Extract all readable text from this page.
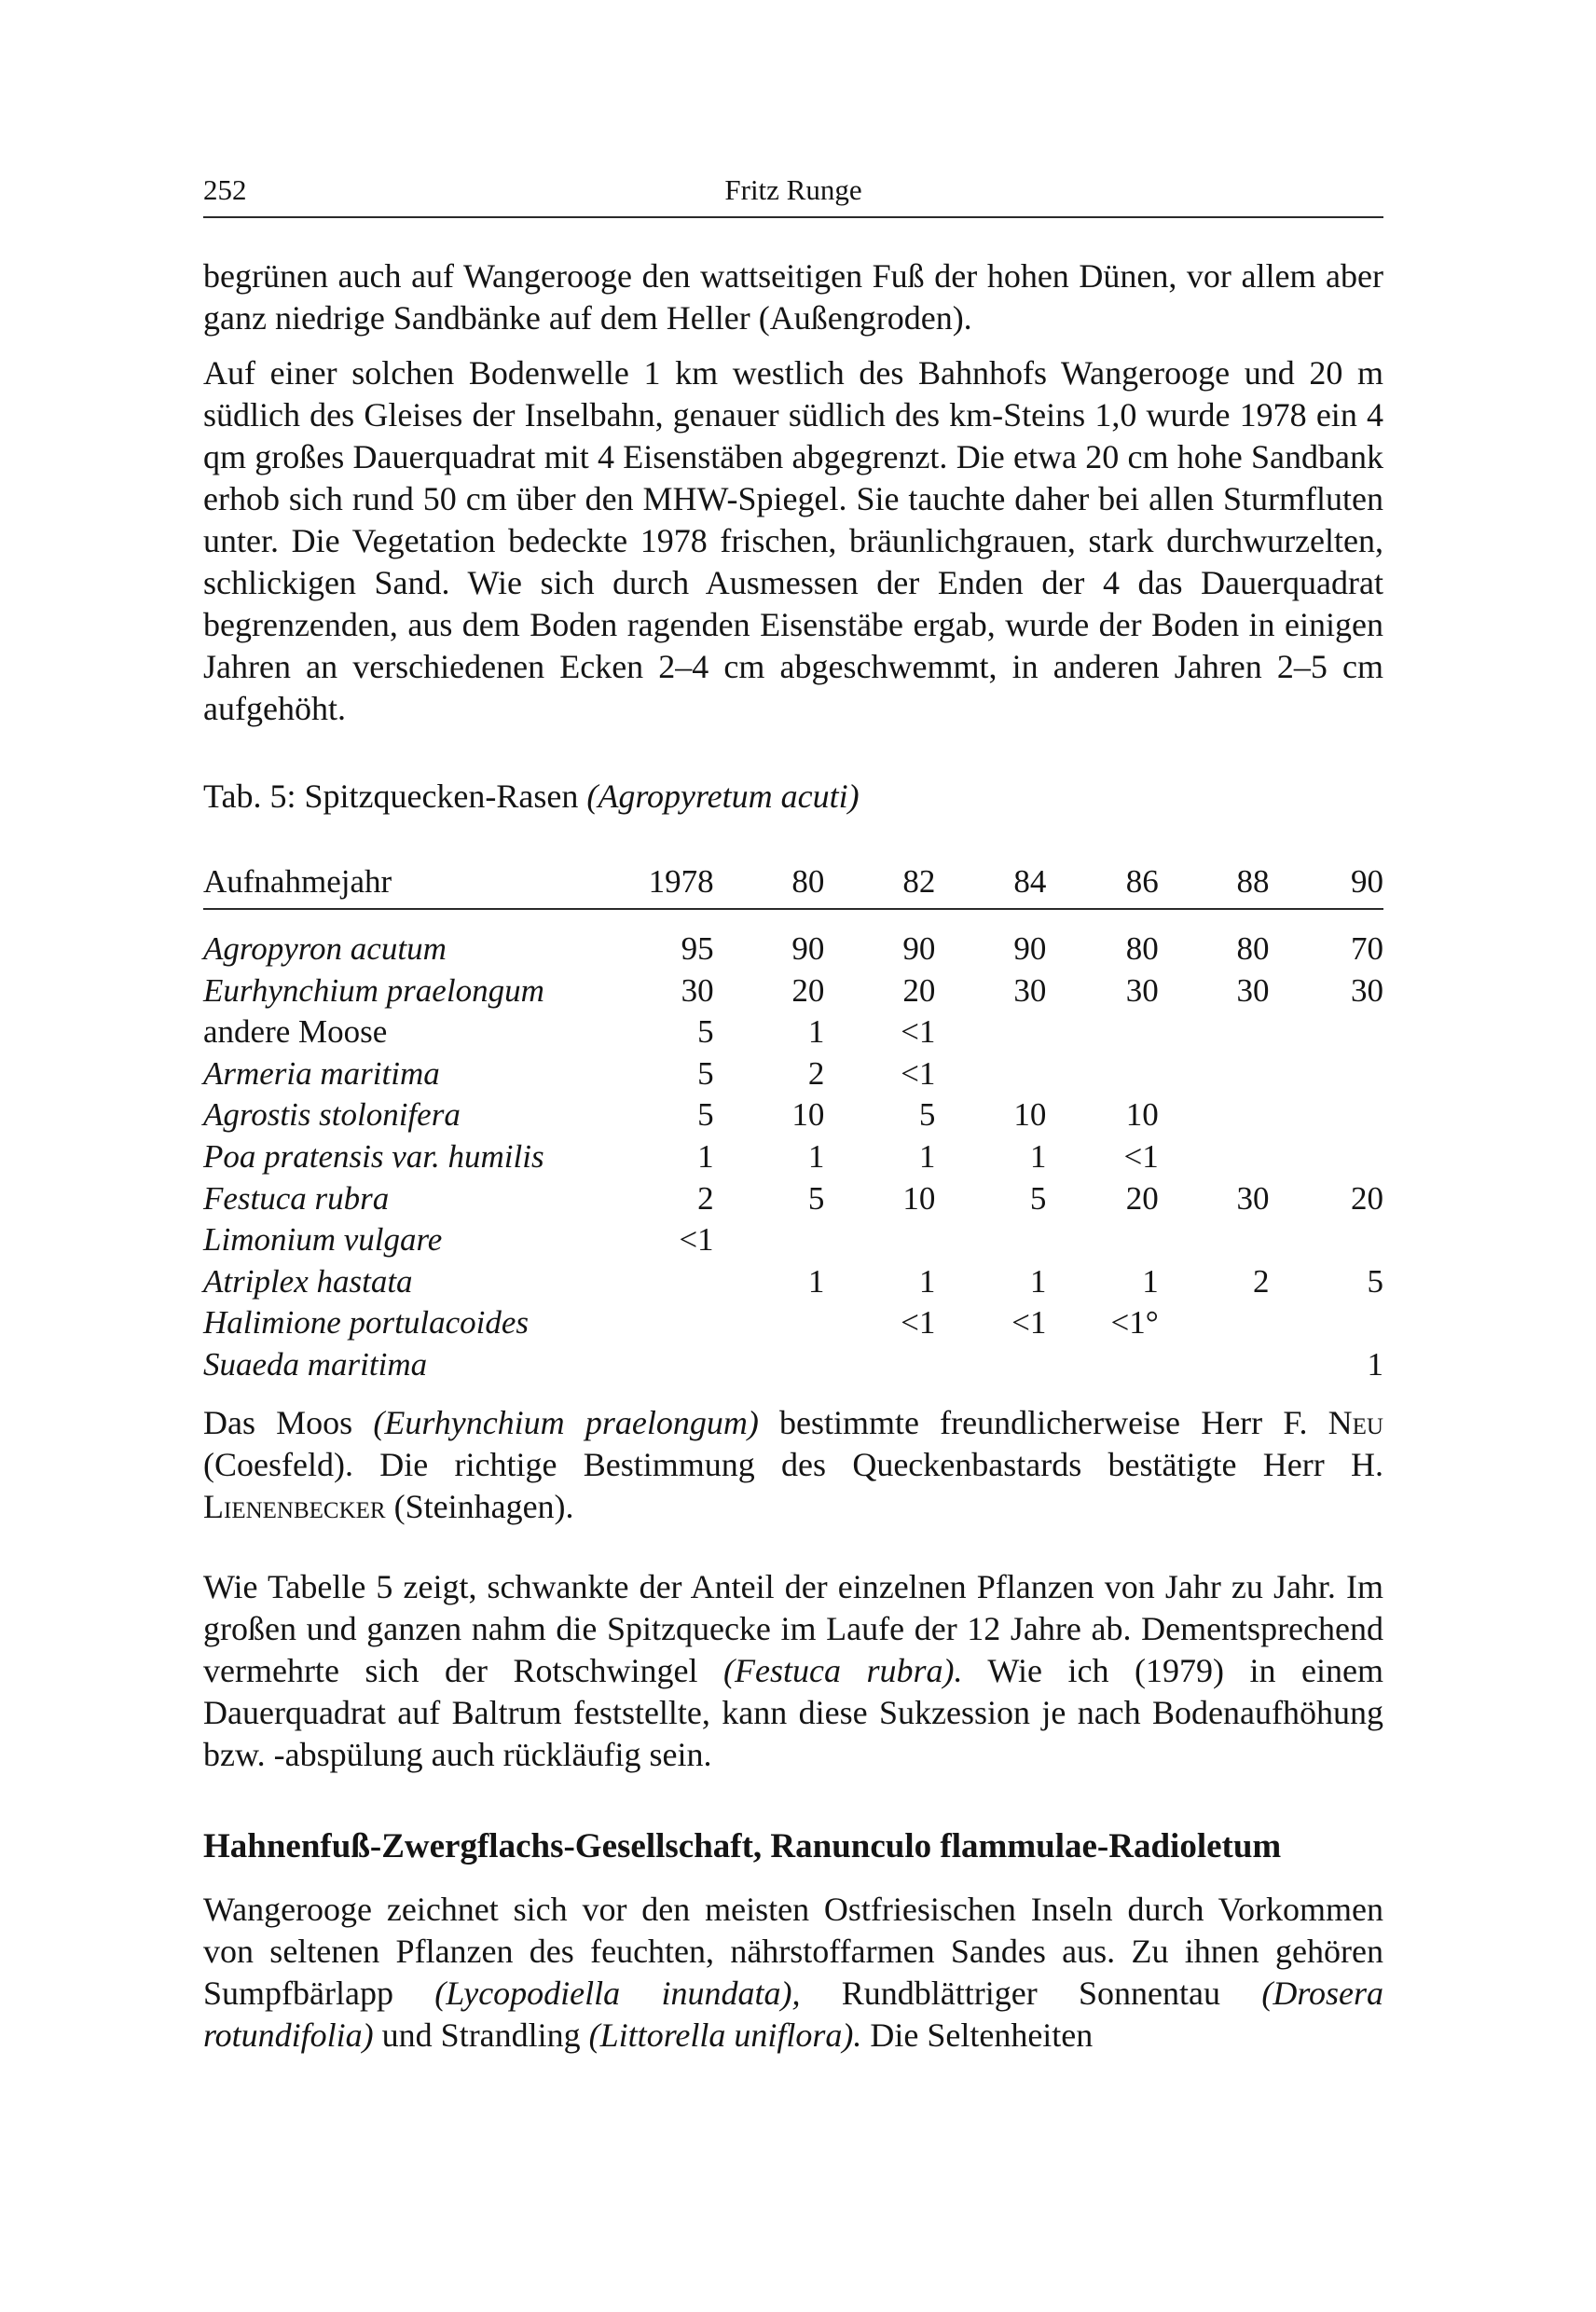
252	Fritz Runge

begrünen auch auf Wangerooge den wattseitigen Fuß der hohen Dünen, vor allem aber ganz niedrige Sandbänke auf dem Heller (Außengroden).

Auf einer solchen Bodenwelle 1 km westlich des Bahnhofs Wangerooge und 20 m südlich des Gleises der Inselbahn, genauer südlich des km-Steins 1,0 wurde 1978 ein 4 qm großes Dauerquadrat mit 4 Eisenstäben abgegrenzt. Die etwa 20 cm hohe Sandbank erhob sich rund 50 cm über den MHW-Spiegel. Sie tauchte daher bei allen Sturmfluten unter. Die Vegetation bedeckte 1978 frischen, bräunlichgrauen, stark durchwurzelten, schlickigen Sand. Wie sich durch Ausmessen der Enden der 4 das Dauerquadrat begrenzenden, aus dem Boden ragenden Eisenstäbe ergab, wurde der Boden in einigen Jahren an verschiedenen Ecken 2–4 cm abgeschwemmt, in anderen Jahren 2–5 cm aufgehöht.

Tab. 5: Spitzquecken-Rasen (Agropyretum acuti)
Aufnahmejahr	1978	80	82	84	86	88	90
Agropyron acutum	95	90	90	90	80	80	70
Eurhynchium praelongum	30	20	20	30	30	30	30
andere Moose	5	1	<1				
Armeria maritima	5	2	<1				
Agrostis stolonifera	5	10	5	10	10		
Poa pratensis var. humilis	1	1	1	1	<1		
Festuca rubra	2	5	10	5	20	30	20
Limonium vulgare	<1						
Atriplex hastata		1	1	1	1	2	5
Halimione portulacoides			<1	<1	<1°		
Suaeda maritima							1

Das Moos (Eurhynchium praelongum) bestimmte freundlicherweise Herr F. Neu (Coesfeld). Die richtige Bestimmung des Queckenbastards bestätigte Herr H. Lienenbecker (Steinhagen).

Wie Tabelle 5 zeigt, schwankte der Anteil der einzelnen Pflanzen von Jahr zu Jahr. Im großen und ganzen nahm die Spitzquecke im Laufe der 12 Jahre ab. Dementsprechend vermehrte sich der Rotschwingel (Festuca rubra). Wie ich (1979) in einem Dauerquadrat auf Baltrum feststellte, kann diese Sukzession je nach Bodenaufhöhung bzw. -abspülung auch rückläufig sein.

Hahnenfuß-Zwergflachs-Gesellschaft, Ranunculo flammulae-Radioletum

Wangerooge zeichnet sich vor den meisten Ostfriesischen Inseln durch Vorkommen von seltenen Pflanzen des feuchten, nährstoffarmen Sandes aus. Zu ihnen gehören Sumpfbärlapp (Lycopodiella inundata), Rundblättriger Sonnentau (Drosera rotundifolia) und Strandling (Littorella uniflora). Die Seltenheiten
